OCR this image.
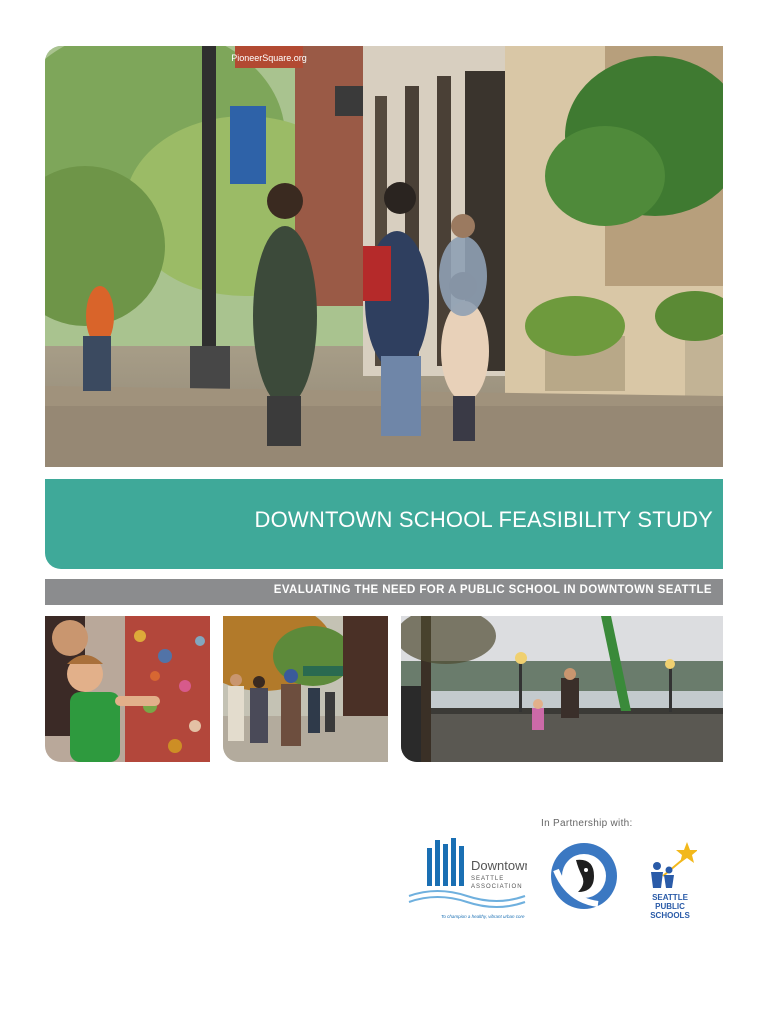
PioneerSquare.org
DOWNTOWN SCHOOL FEASIBILITY STUDY
EVALUATING THE NEED FOR A PUBLIC SCHOOL IN DOWNTOWN SEATTLE
In Partnership with:
Downtown
SEATTLE
ASSOCIATION
To champion a healthy, vibrant urban core
SEATTLE
PUBLIC
SCHOOLS
